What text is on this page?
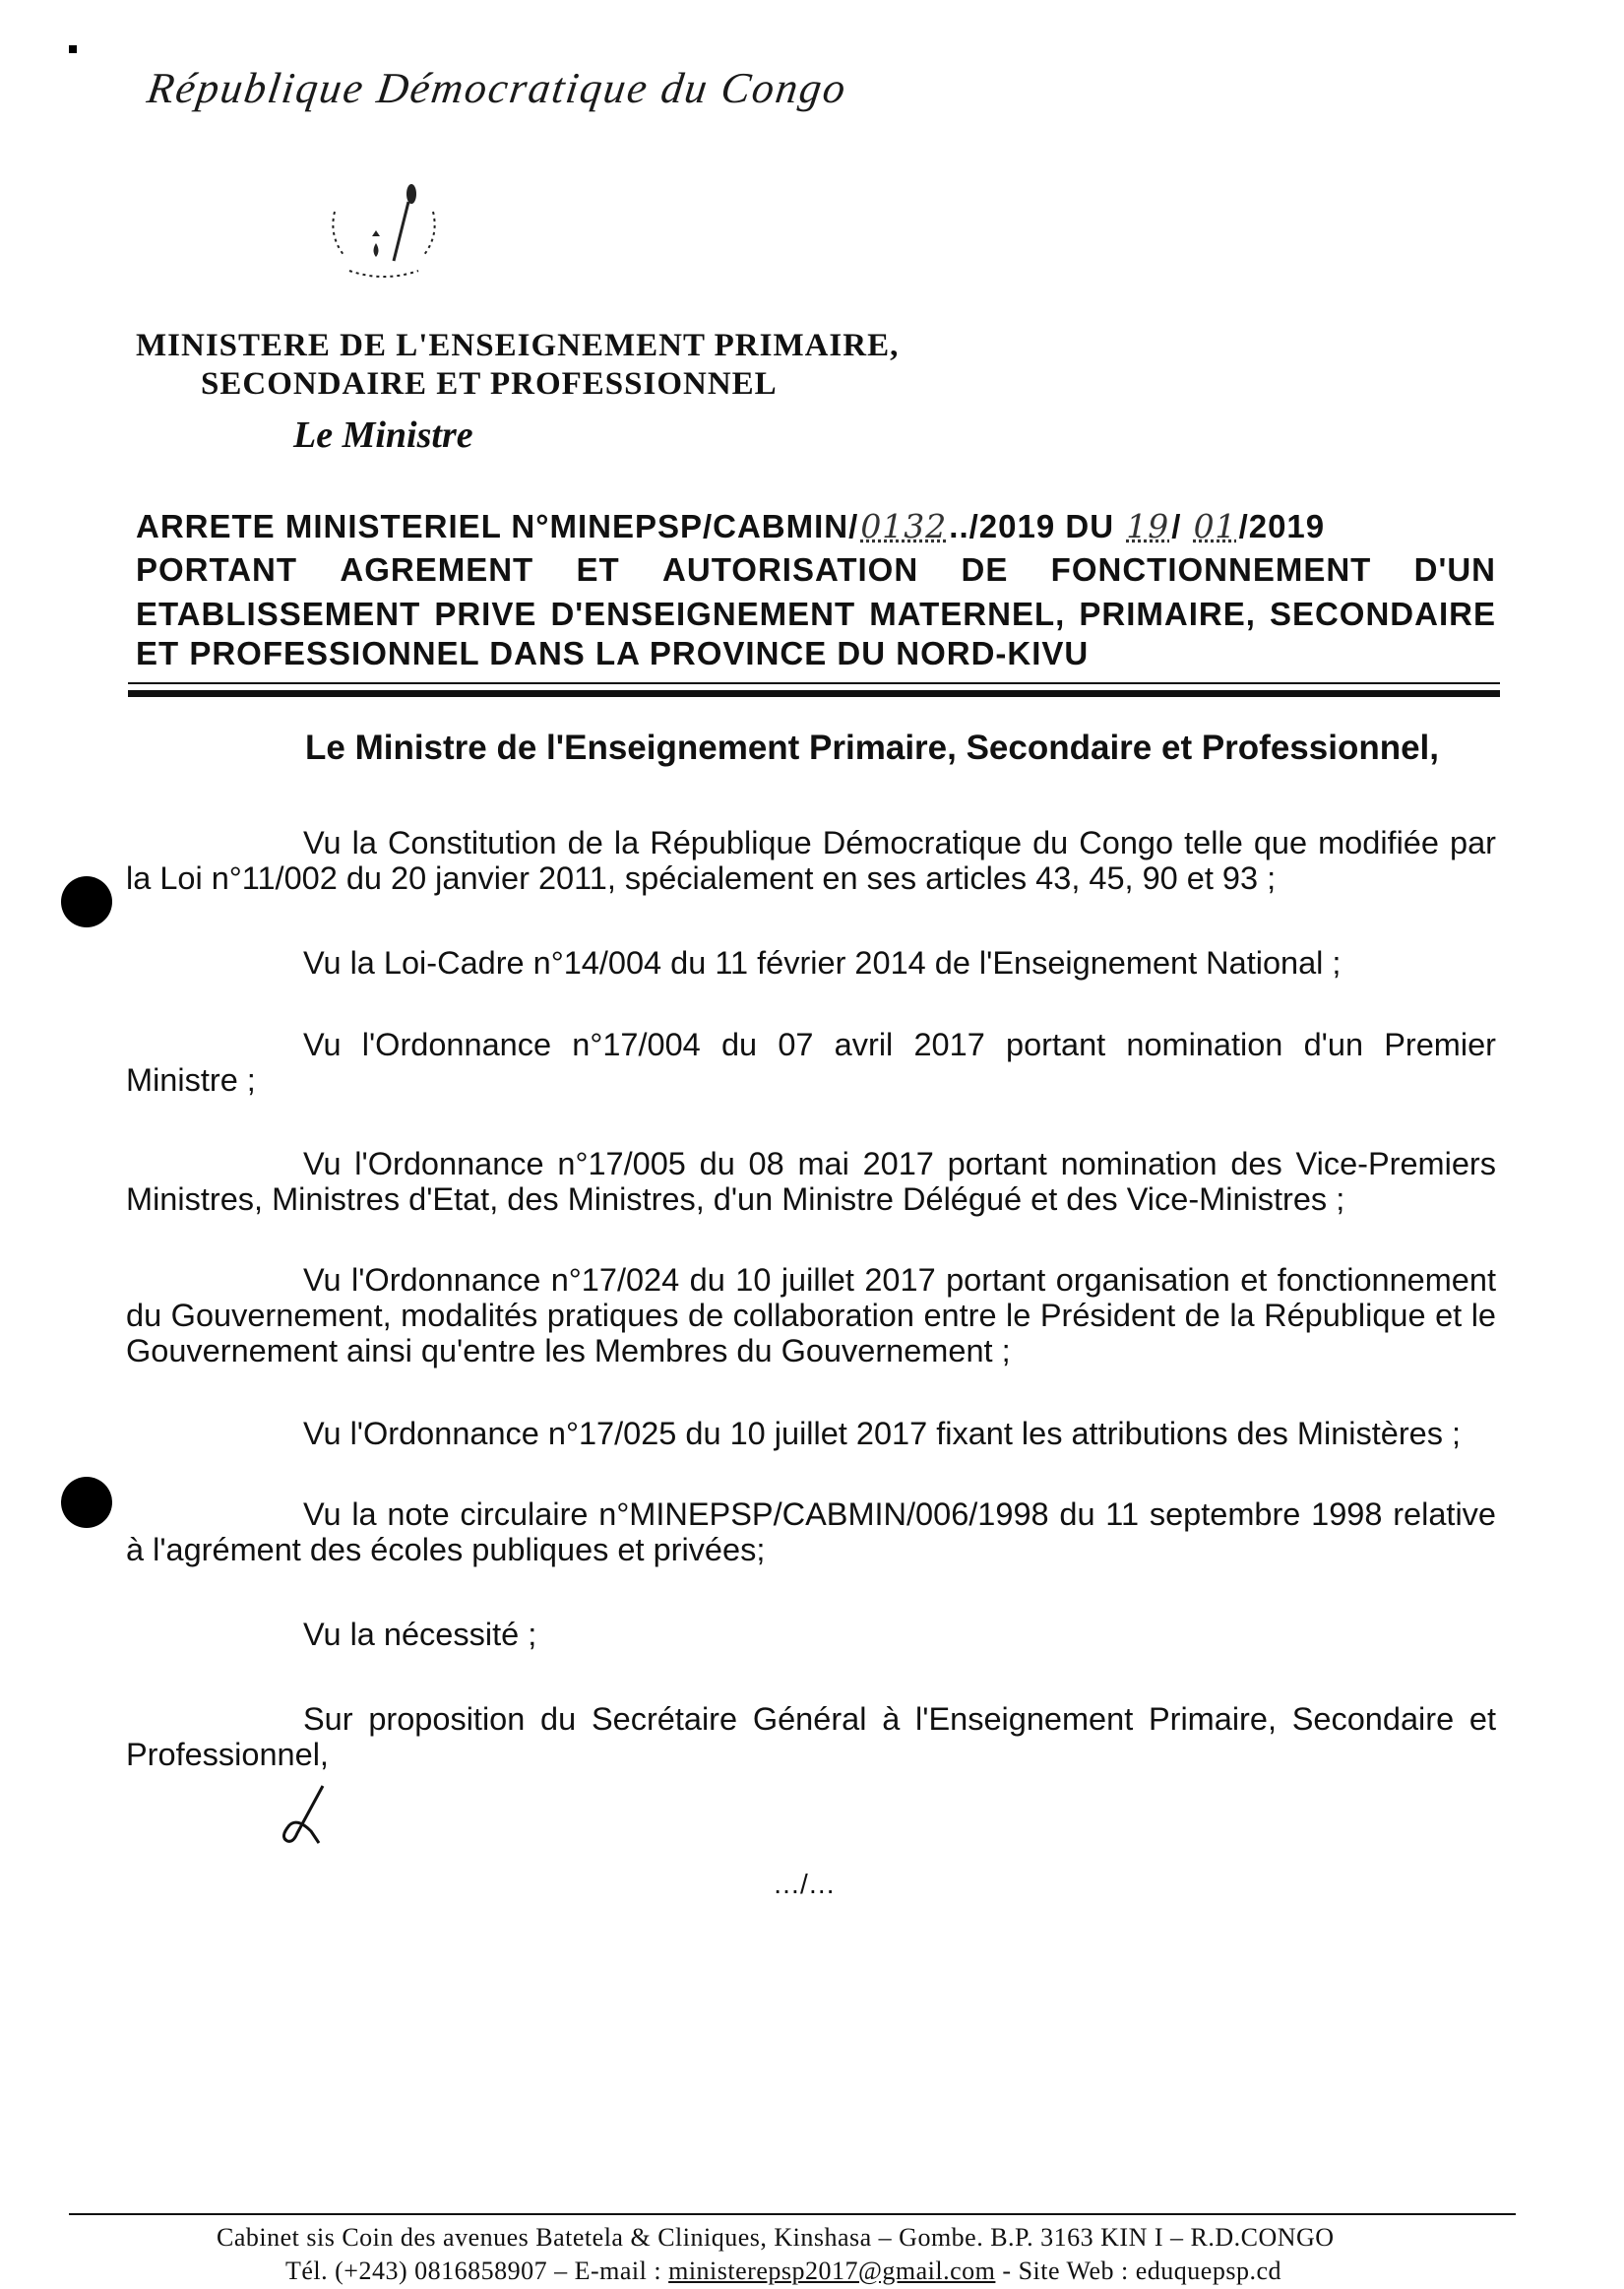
République Démocratique du Congo
MINISTERE DE L'ENSEIGNEMENT PRIMAIRE,
SECONDAIRE ET PROFESSIONNEL
Le Ministre
ARRETE MINISTERIEL N°MINEPSP/CABMIN/0132../2019 DU 19/ 01/2019
PORTANT AGREMENT ET AUTORISATION DE FONCTIONNEMENT D'UN
ETABLISSEMENT PRIVE D'ENSEIGNEMENT MATERNEL, PRIMAIRE, SECONDAIRE
ET PROFESSIONNEL DANS LA PROVINCE DU NORD-KIVU
Le Ministre de l'Enseignement Primaire, Secondaire et Professionnel,

Vu la Constitution de la République Démocratique du Congo telle que modifiée par la Loi n°11/002 du 20 janvier 2011, spécialement en ses articles 43, 45, 90 et 93 ;

Vu la Loi-Cadre n°14/004 du 11 février 2014 de l'Enseignement National ;

Vu l'Ordonnance n°17/004 du 07 avril 2017 portant nomination d'un Premier Ministre ;

Vu l'Ordonnance n°17/005 du 08 mai 2017 portant nomination des Vice-Premiers Ministres, Ministres d'Etat, des Ministres, d'un Ministre Délégué et des Vice-Ministres ;

Vu l'Ordonnance n°17/024 du 10 juillet 2017 portant organisation et fonctionnement du Gouvernement, modalités pratiques de collaboration entre le Président de la République et le Gouvernement ainsi qu'entre les Membres du Gouvernement ;

Vu l'Ordonnance n°17/025 du 10 juillet 2017 fixant les attributions des Ministères ;

Vu la note circulaire n°MINEPSP/CABMIN/006/1998 du 11 septembre 1998 relative à l'agrément des écoles publiques et privées;

Vu la nécessité ;

Sur proposition du Secrétaire Général à l'Enseignement Primaire, Secondaire et Professionnel,

…/…
Cabinet sis Coin des avenues Batetela & Cliniques, Kinshasa – Gombe. B.P. 3163 KIN I – R.D.CONGO
Tél. (+243) 0816858907 – E-mail : ministerepsp2017@gmail.com - Site Web : eduquepsp.cd
